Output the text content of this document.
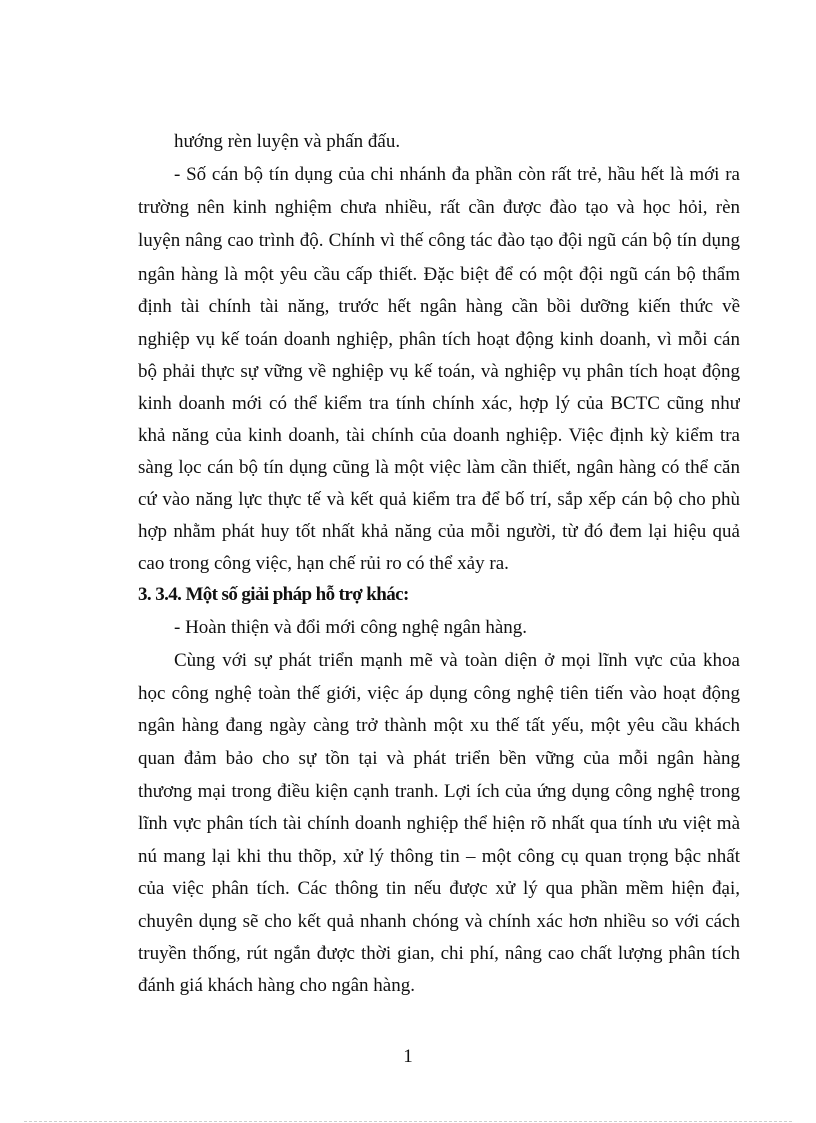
hướng rèn luyện và phấn đấu.
- Số cán bộ tín dụng của chi nhánh đa phần còn rất trẻ, hầu hết là mới ra
trường nên kinh nghiệm chưa nhiều, rất cần được đào tạo và học hỏi, rèn
luyện nâng cao trình độ. Chính vì thế công tác đào tạo đội ngũ cán bộ tín dụng
ngân hàng là một yêu cầu cấp thiết. Đặc biệt để có một đội ngũ cán bộ thẩm
định tài chính tài năng, trước hết ngân hàng cần bồi dưỡng kiến thức về
nghiệp vụ kế toán doanh nghiệp, phân tích hoạt động kinh doanh, vì mỗi cán
bộ phải thực sự vững về nghiệp vụ kế toán, và nghiệp vụ phân tích hoạt động
kinh doanh mới có thể kiểm tra tính chính xác, hợp lý của BCTC cũng như
khả năng của kinh doanh, tài chính của doanh nghiệp. Việc định kỳ kiểm tra
sàng lọc cán bộ tín dụng cũng là một việc làm cần thiết, ngân hàng có thể căn
cứ vào năng lực thực tế và kết quả kiểm tra để bố trí, sắp xếp cán bộ cho phù
hợp nhằm phát huy tốt nhất khả năng của mỗi người, từ đó đem lại hiệu quả
cao trong công việc, hạn chế rủi ro có thể xảy ra.
3. 3.4. Một số giải pháp hỗ trợ khác:
- Hoàn thiện và đổi mới công nghệ ngân hàng.
Cùng với sự phát triển mạnh mẽ và toàn diện ở mọi lĩnh vực của khoa
học công nghệ toàn thế giới, việc áp dụng công nghệ tiên tiến vào hoạt động
ngân hàng đang ngày càng trở thành một xu thế tất yếu, một yêu cầu khách
quan đảm bảo cho sự tồn tại và phát triển bền vững của mỗi ngân hàng
thương mại trong điều kiện cạnh tranh. Lợi ích của ứng dụng công nghệ trong
lĩnh vực phân tích tài chính doanh nghiệp thể hiện rõ nhất qua tính ưu việt mà
nú mang lại khi thu thõp, xử lý thông tin – một công cụ quan trọng bậc nhất
của việc phân tích. Các thông tin nếu được xử lý qua phần mềm hiện đại,
chuyên dụng sẽ cho kết quả nhanh chóng và chính xác hơn nhiều so với cách
truyền thống, rút ngắn được thời gian, chi phí, nâng cao chất lượng phân tích
đánh giá khách hàng cho ngân hàng.
1
